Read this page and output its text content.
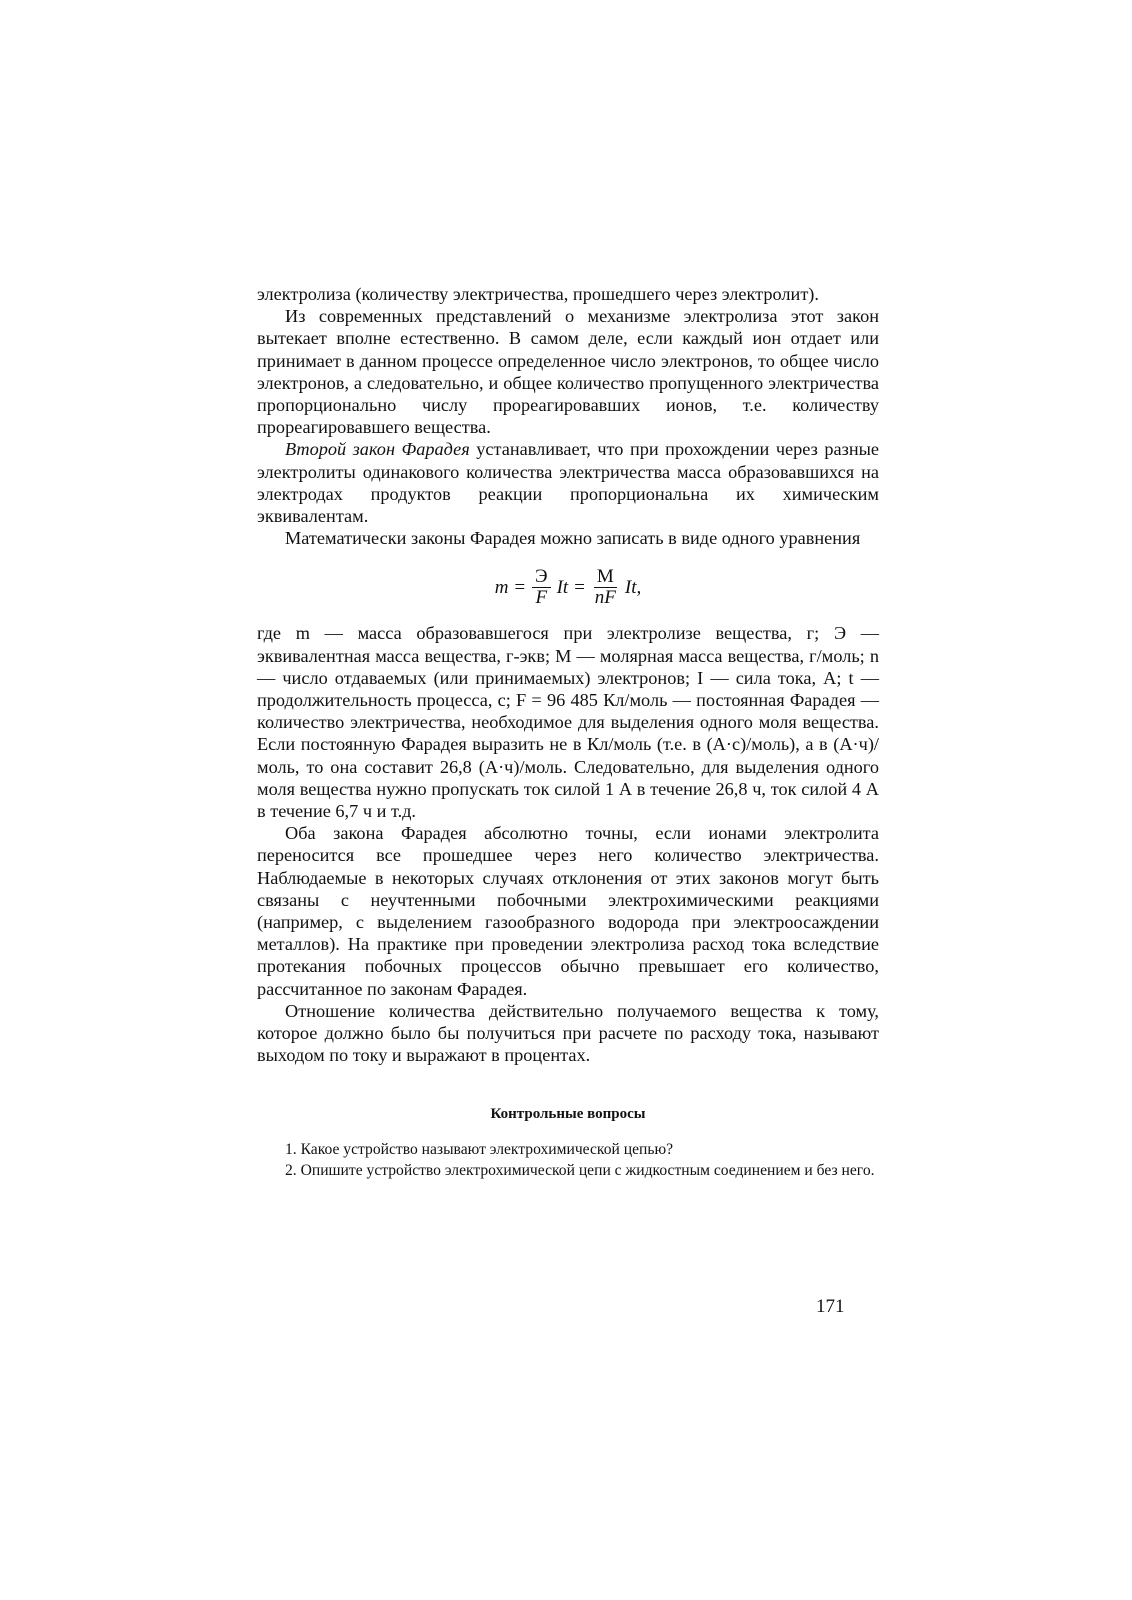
электролиза (количеству электричества, прошедшего через электролит).

Из современных представлений о механизме электролиза этот закон вытекает вполне естественно. В самом деле, если каждый ион отдает или принимает в данном процессе определенное число электронов, то общее число электронов, а следовательно, и общее количество пропущенного электричества пропорционально числу прореагировавших ионов, т.е. количеству прореагировавшего вещества.

Второй закон Фарадея устанавливает, что при прохождении через разные электролиты одинакового количества электричества масса образовавшихся на электродах продуктов реакции пропорциональна их химическим эквивалентам.

Математически законы Фарадея можно записать в виде одного уравнения

$m = \frac{Э}{F}$ $It = \frac{M}{nF} It$,

где m — масса образовавшегося при электролизе вещества, г; Э — эквивалентная масса вещества, г-экв; M — молярная масса вещества, г/моль; n — число отдаваемых (или принимаемых) электронов; I — сила тока, А; t — продолжительность процесса, с; F = 96 485 Кл/моль — постоянная Фарадея — количество электричества, необходимое для выделения одного моля вещества. Если постоянную Фарадея выразить не в Кл/моль (т.е. в (А·с)/моль), а в (А·ч)/моль, то она составит 26,8 (А·ч)/моль. Следовательно, для выделения одного моля вещества нужно пропускать ток силой 1 А в течение 26,8 ч, ток силой 4 А в течение 6,7 ч и т.д.

Оба закона Фарадея абсолютно точны, если ионами электролита переносится все прошедшее через него количество электричества. Наблюдаемые в некоторых случаях отклонения от этих законов могут быть связаны с неучтенными побочными электрохимическими реакциями (например, с выделением газообразного водорода при электроосаждении металлов). На практике при проведении электролиза расход тока вследствие протекания побочных процессов обычно превышает его количество, рассчитанное по законам Фарадея.

Отношение количества действительно получаемого вещества к тому, которое должно было бы получиться при расчете по расходу тока, называют выходом по току и выражают в процентах.

Контрольные вопросы

1. Какое устройство называют электрохимической цепью?

2. Опишите устройство электрохимической цепи с жидкостным соединением и без него.

171
